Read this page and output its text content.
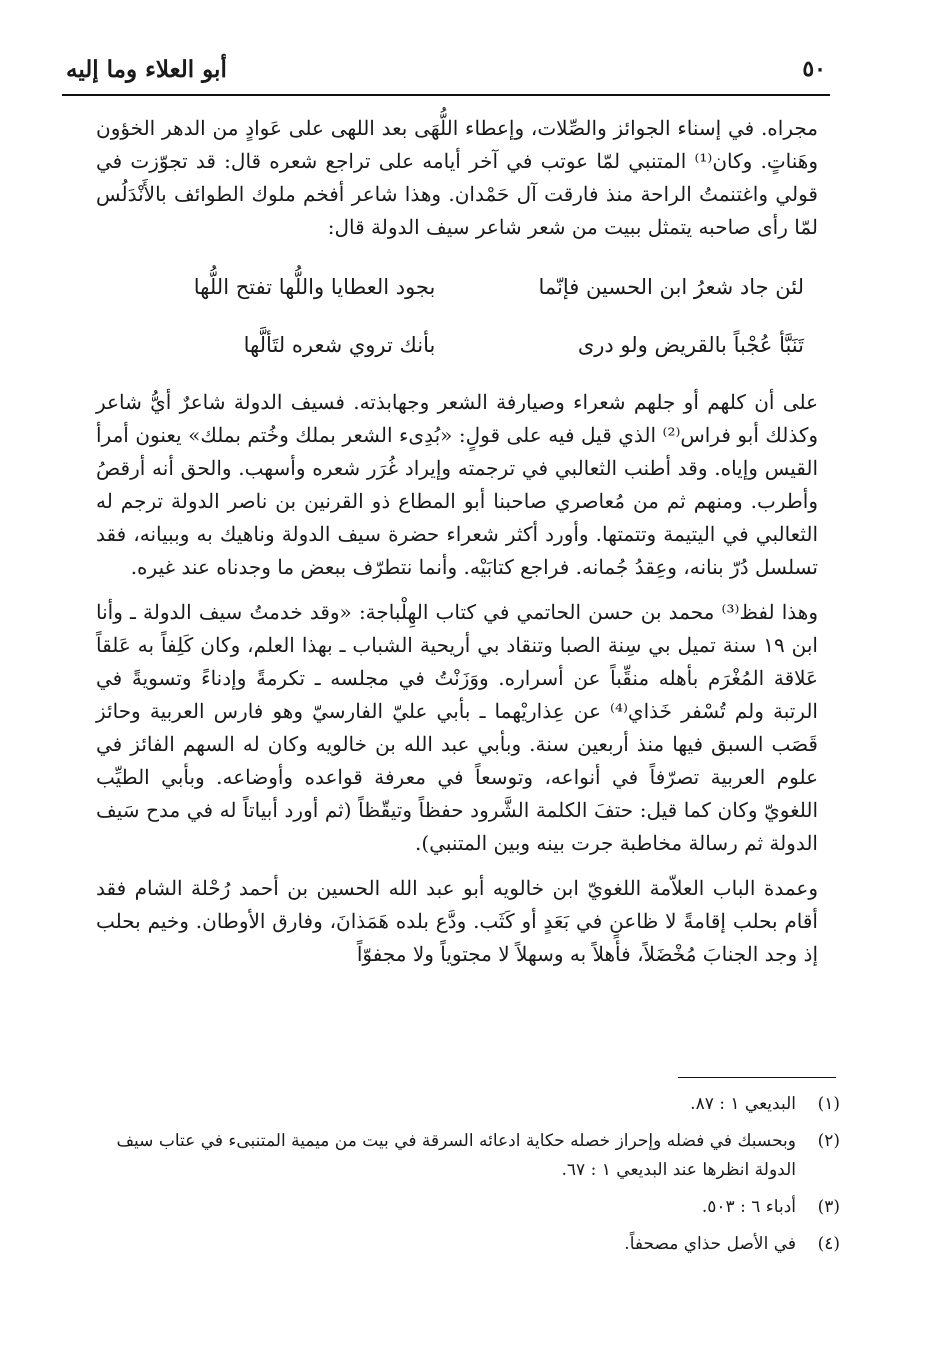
٥٠
أبو العلاء وما إليه

مجراه. في إسناء الجوائز والصِّلات، وإعطاء اللُّهَى بعد اللهى على عَوادٍ من الدهر الخؤون وهَناتٍ. وكان⁽¹⁾ المتنبي لمّا عوتب في آخر أيامه على تراجع شعره قال: قد تجوّزت في قولي واغتنمتُ الراحة منذ فارقت آل حَمْدان. وهذا شاعر أفخم ملوك الطوائف بالأَنْدَلُس لمّا رأى صاحبه يتمثل ببيت من شعر شاعر سيف الدولة قال:

لئن جاد شعرُ ابن الحسين فإنّما
بجود العطايا واللُّها تفتح اللُّها
تَنَبَّأ عُجْباً بالقريض ولو درى
بأنك تروي شعره لتَألَّها

على أن كلهم أو جلهم شعراء وصيارفة الشعر وجهابذته. فسيف الدولة شاعرٌ أيُّ شاعر وكذلك أبو فراس⁽²⁾ الذي قيل فيه على قولٍ: «بُدِىء الشعر بملك وخُتم بملك» يعنون أمرأ القيس وإياه. وقد أطنب الثعالبي في ترجمته وإيراد غُرَر شعره وأسهب. والحق أنه أرقصُ وأطرب. ومنهم ثم من مُعاصري صاحبنا أبو المطاع ذو القرنين بن ناصر الدولة ترجم له الثعالبي في اليتيمة وتتمتها. وأورد أكثر شعراء حضرة سيف الدولة وناهيك به وببيانه، فقد تسلسل دُرّ بنانه، وعِقدُ جُمانه. فراجع كتابَيْه. وأنما نتطرّف ببعض ما وجدناه عند غيره.

وهذا لفظ⁽³⁾ محمد بن حسن الحاتمي في كتاب الهِلْباجة: «وقد خدمتُ سيف الدولة ـ وأنا ابن ١٩ سنة تميل بي سِنة الصبا وتنقاد بي أريحية الشباب ـ بهذا العلم، وكان كَلِفاً به عَلقاً عَلاقة المُغْرَم بأهله منقِّباً عن أسراره. ووَزَنْتُ في مجلسه ـ تكرمةً وإدناءً وتسويةً في الرتبة ولم تُسْفر خَذاي⁽⁴⁾ عن عِذاريْهما ـ بأبي عليّ الفارسيّ وهو فارس العربية وحائز قَصَب السبق فيها منذ أربعين سنة. وبأبي عبد الله بن خالويه وكان له السهم الفائز في علوم العربية تصرّفاً في أنواعه، وتوسعاً في معرفة قواعده وأوضاعه. وبأبي الطيِّب اللغويّ وكان كما قيل: حتفَ الكلمة الشَّرود حفظاً وتيقّظاً (ثم أورد أبياتاً له في مدح سَيف الدولة ثم رسالة مخاطبة جرت بينه وبين المتنبي).

وعمدة الباب العلاّمة اللغويّ ابن خالويه أبو عبد الله الحسين بن أحمد رُحْلة الشام فقد أقام بحلب إقامةً لا ظاعنٍ في بَعَدٍ أو كَثَب. ودَّع بلده هَمَذانَ، وفارق الأوطان. وخيم بحلب إذ وجد الجنابَ مُخْضَلاً، فأهلاً به وسهلاً لا مجتوياً ولا مجفوّاً

(١)
البديعي ١ : ٨٧.
(٢)
وبحسبك في فضله وإحراز خصله حكاية ادعائه السرقة في بيت من ميمية المتنبىء في عتاب سيف الدولة انظرها عند البديعي ١ : ٦٧.
(٣)
أدباء ٦ : ٥٠٣.
(٤)
في الأصل حذاي مصحفاً.
